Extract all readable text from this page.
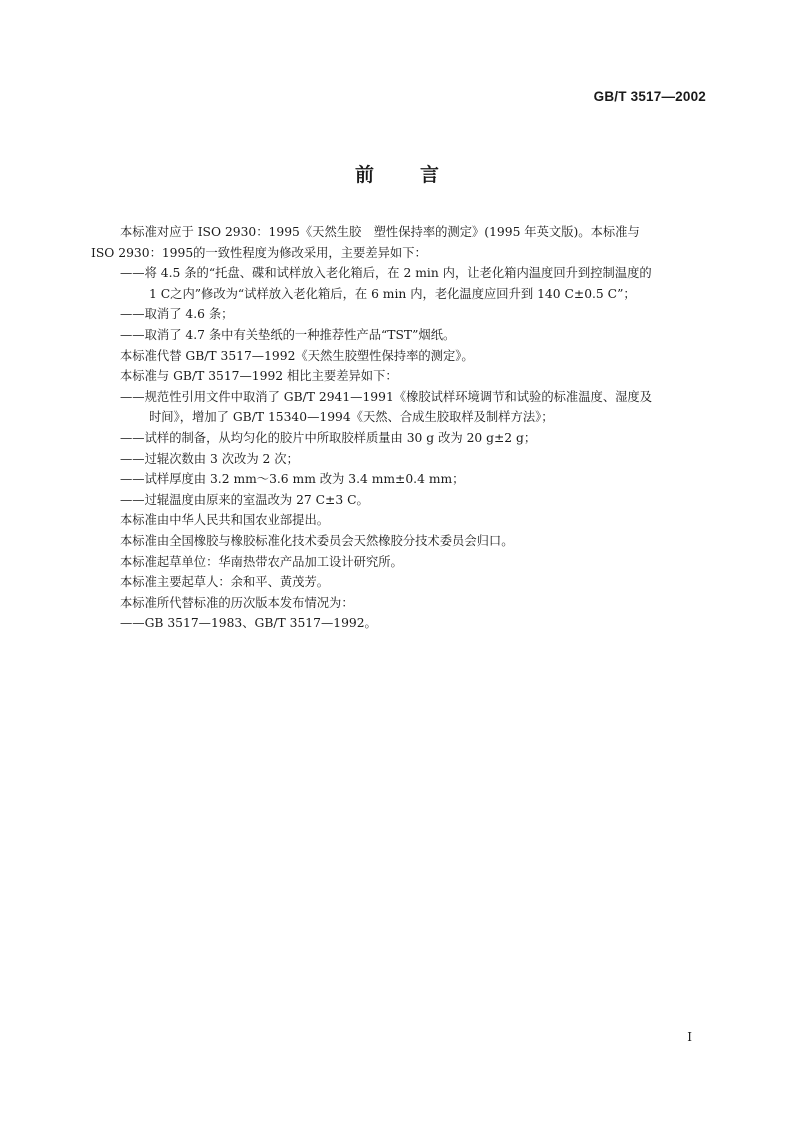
GB/T 3517—2002
前 言
本标准对应于 ISO 2930：1995《天然生胶　塑性保持率的测定》(1995 年英文版)。本标准与
ISO 2930：1995的一致性程度为修改采用，主要差异如下：
——将 4.5 条的“托盘、碟和试样放入老化箱后，在 2 min 内，让老化箱内温度回升到控制温度的
1 C之内”修改为“试样放入老化箱后，在 6 min 内，老化温度应回升到 140 C±0.5 C”；
——取消了 4.6 条；
——取消了 4.7 条中有关垫纸的一种推荐性产品“TST”烟纸。
本标准代替 GB/T 3517—1992《天然生胶塑性保持率的测定》。
本标准与 GB/T 3517—1992 相比主要差异如下：
——规范性引用文件中取消了 GB/T 2941—1991《橡胶试样环境调节和试验的标准温度、湿度及
时间》，增加了 GB/T 15340—1994《天然、合成生胶取样及制样方法》；
——试样的制备，从均匀化的胶片中所取胶样质量由 30 g 改为 20 g±2 g；
——过辊次数由 3 次改为 2 次；
——试样厚度由 3.2 mm～3.6 mm 改为 3.4 mm±0.4 mm；
——过辊温度由原来的室温改为 27 C±3 C。
本标准由中华人民共和国农业部提出。
本标准由全国橡胶与橡胶标准化技术委员会天然橡胶分技术委员会归口。
本标准起草单位：华南热带农产品加工设计研究所。
本标准主要起草人：余和平、黄茂芳。
本标准所代替标准的历次版本发布情况为：
——GB 3517—1983、GB/T 3517—1992。
I
